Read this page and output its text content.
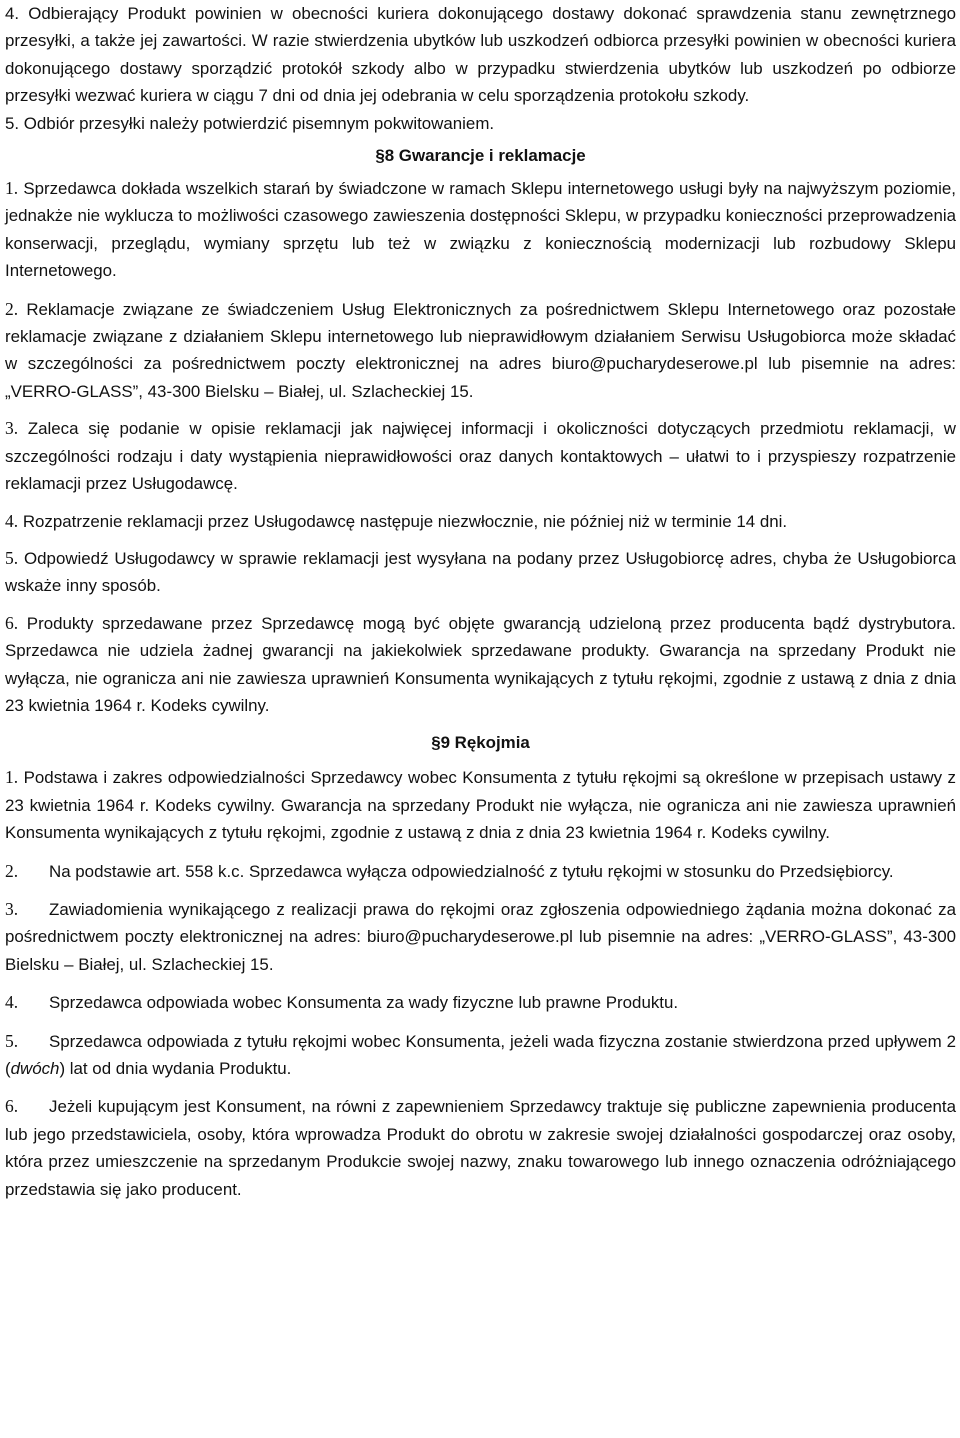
4. Odbierający Produkt powinien w obecności kuriera dokonującego dostawy dokonać sprawdzenia stanu zewnętrznego przesyłki, a także jej zawartości. W razie stwierdzenia ubytków lub uszkodzeń odbiorca przesyłki powinien w obecności kuriera dokonującego dostawy sporządzić protokół szkody albo w przypadku stwierdzenia ubytków lub uszkodzeń po odbiorze przesyłki wezwać kuriera w ciągu 7 dni od dnia jej odebrania w celu sporządzenia protokołu szkody.

5. Odbiór przesyłki należy potwierdzić pisemnym pokwitowaniem.

§8 Gwarancje i reklamacje
1. Sprzedawca dokłada wszelkich starań by świadczone w ramach Sklepu internetowego usługi były na najwyższym poziomie, jednakże nie wyklucza to możliwości czasowego zawieszenia dostępności Sklepu, w przypadku konieczności przeprowadzenia konserwacji, przeglądu, wymiany sprzętu lub też w związku z koniecznością modernizacji lub rozbudowy Sklepu Internetowego.
2. Reklamacje związane ze świadczeniem Usług Elektronicznych za pośrednictwem Sklepu Internetowego oraz pozostałe reklamacje związane z działaniem Sklepu internetowego lub nieprawidłowym działaniem Serwisu Usługobiorca może składać w szczególności za pośrednictwem poczty elektronicznej na adres biuro@pucharydeserowe.pl lub pisemnie na adres: „VERRO-GLASS”, 43-300 Bielsku – Białej, ul. Szlacheckiej 15.
3. Zaleca się podanie w opisie reklamacji jak najwięcej informacji i okoliczności dotyczących przedmiotu reklamacji, w szczególności rodzaju i daty wystąpienia nieprawidłowości oraz danych kontaktowych – ułatwi to i przyspieszy rozpatrzenie reklamacji przez Usługodawcę.
4. Rozpatrzenie reklamacji przez Usługodawcę następuje niezwłocznie, nie później niż w terminie 14 dni.
5. Odpowiedź Usługodawcy w sprawie reklamacji jest wysyłana na podany przez Usługobiorcę adres, chyba że Usługobiorca wskaże inny sposób.
6. Produkty sprzedawane przez Sprzedawcę mogą być objęte gwarancją udzieloną przez producenta bądź dystrybutora. Sprzedawca nie udziela żadnej gwarancji na jakiekolwiek sprzedawane produkty. Gwarancja na sprzedany Produkt nie wyłącza, nie ogranicza ani nie zawiesza uprawnień Konsumenta wynikających z tytułu rękojmi, zgodnie z ustawą z dnia z dnia 23 kwietnia 1964 r. Kodeks cywilny.
§9 Rękojmia
1. Podstawa i zakres odpowiedzialności Sprzedawcy wobec Konsumenta z tytułu rękojmi są określone w przepisach ustawy z 23 kwietnia 1964 r. Kodeks cywilny. Gwarancja na sprzedany Produkt nie wyłącza, nie ogranicza ani nie zawiesza uprawnień Konsumenta wynikających z tytułu rękojmi, zgodnie z ustawą z dnia z dnia 23 kwietnia 1964 r. Kodeks cywilny.
2. Na podstawie art. 558 k.c. Sprzedawca wyłącza odpowiedzialność z tytułu rękojmi w stosunku do Przedsiębiorcy.
3. Zawiadomienia wynikającego z realizacji prawa do rękojmi oraz zgłoszenia odpowiedniego żądania można dokonać za pośrednictwem poczty elektronicznej na adres: biuro@pucharydeserowe.pl lub pisemnie na adres: „VERRO-GLASS”, 43-300 Bielsku – Białej, ul. Szlacheckiej 15.
4. Sprzedawca odpowiada wobec Konsumenta za wady fizyczne lub prawne Produktu.
5. Sprzedawca odpowiada z tytułu rękojmi wobec Konsumenta, jeżeli wada fizyczna zostanie stwierdzona przed upływem 2 (dwóch) lat od dnia wydania Produktu.
6. Jeżeli kupującym jest Konsument, na równi z zapewnieniem Sprzedawcy traktuje się publiczne zapewnienia producenta lub jego przedstawiciela, osoby, która wprowadza Produkt do obrotu w zakresie swojej działalności gospodarczej oraz osoby, która przez umieszczenie na sprzedanym Produkcie swojej nazwy, znaku towarowego lub innego oznaczenia odróżniającego przedstawia się jako producent.
